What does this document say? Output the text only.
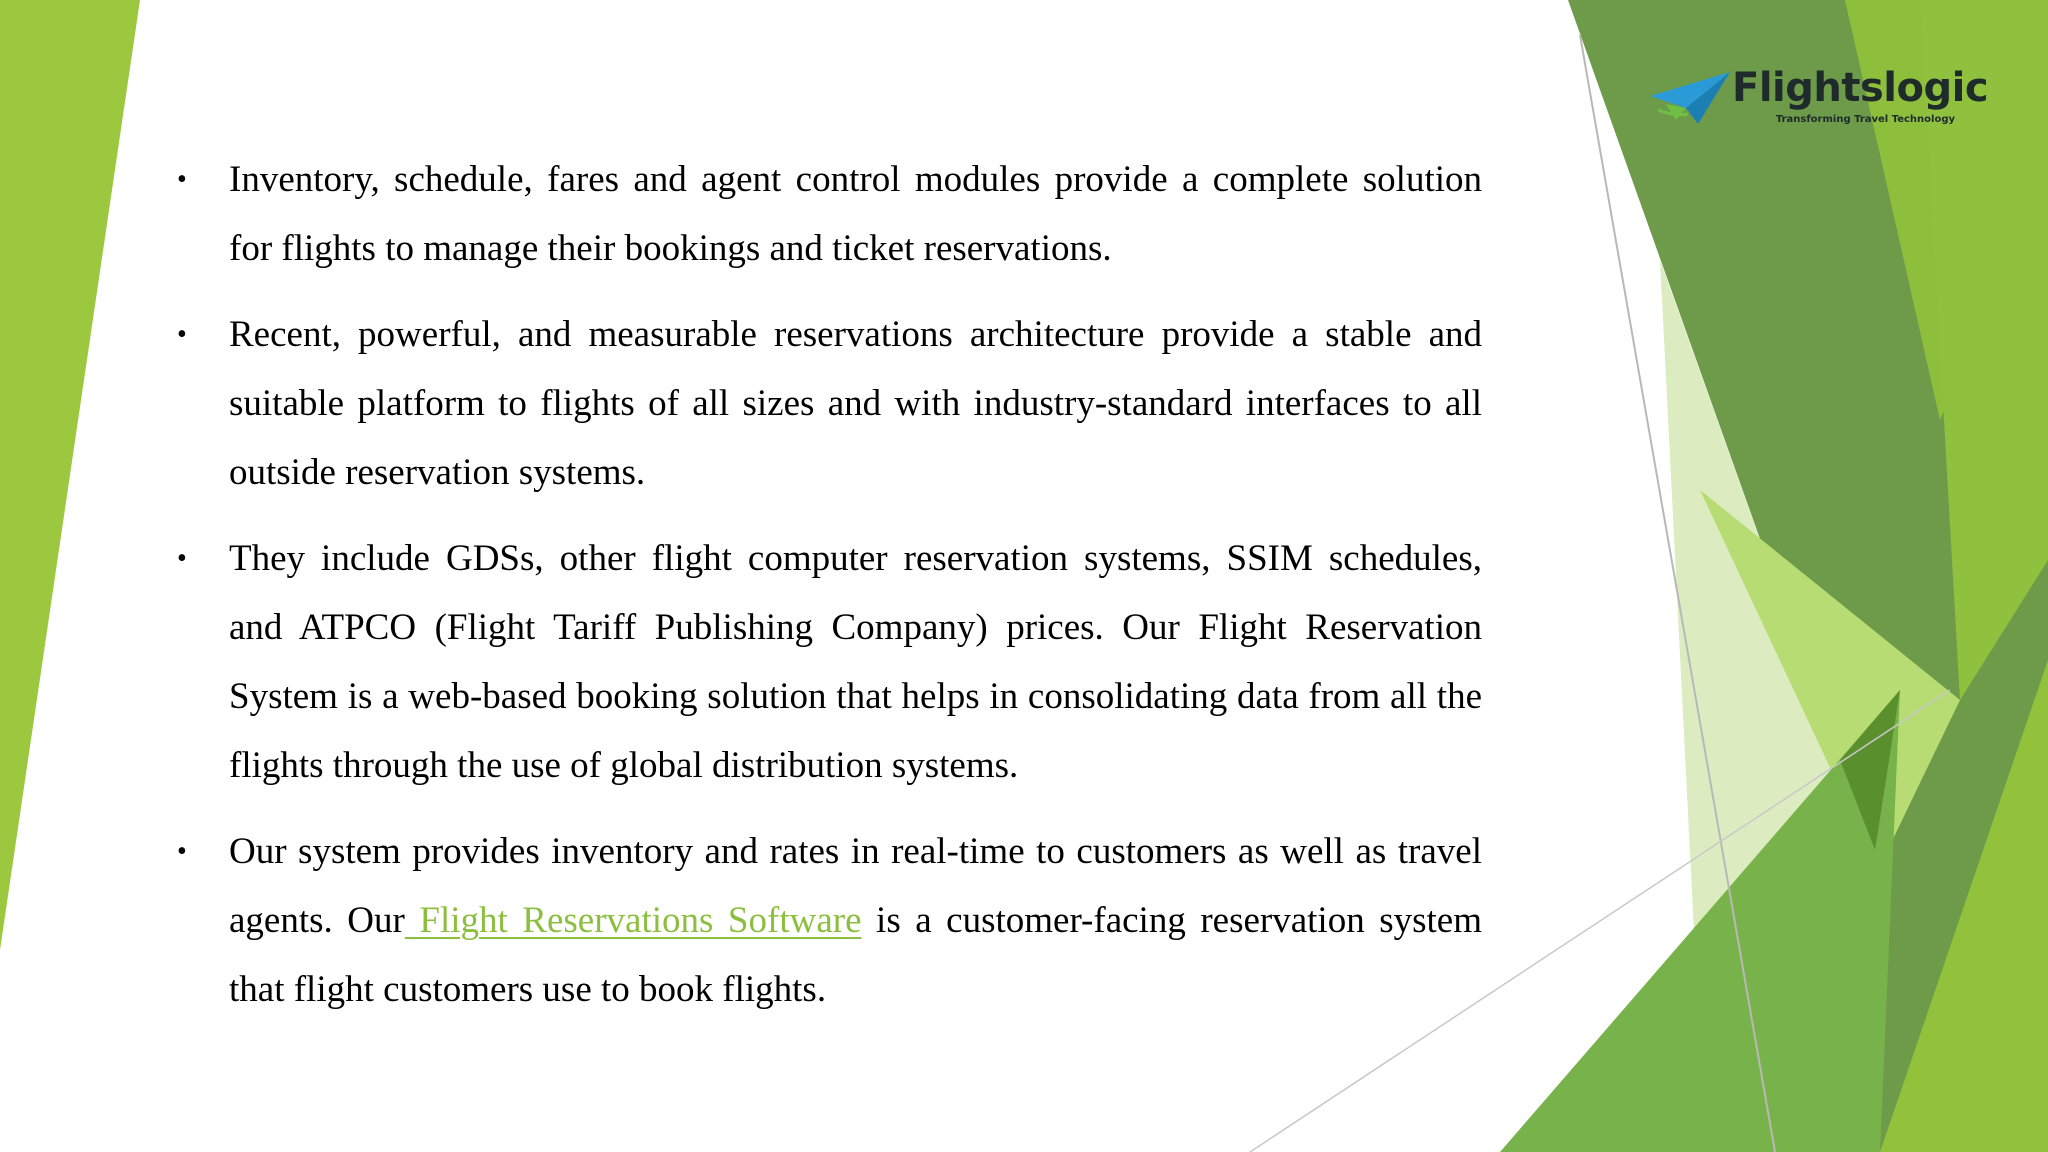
Flightslogic
Transforming Travel Technology
• Inventory, schedule, fares and agent control modules provide a complete solution for flights to manage their bookings and ticket reservations.
• Recent, powerful, and measurable reservations architecture provide a stable and suitable platform to flights of all sizes and with industry-standard interfaces to all outside reservation systems.
• They include GDSs, other flight computer reservation systems, SSIM schedules, and ATPCO (Flight Tariff Publishing Company) prices. Our Flight Reservation System is a web-based booking solution that helps in consolidating data from all the flights through the use of global distribution systems.
• Our system provides inventory and rates in real-time to customers as well as travel agents. Our Flight Reservations Software is a customer-facing reservation system that flight customers use to book flights.
